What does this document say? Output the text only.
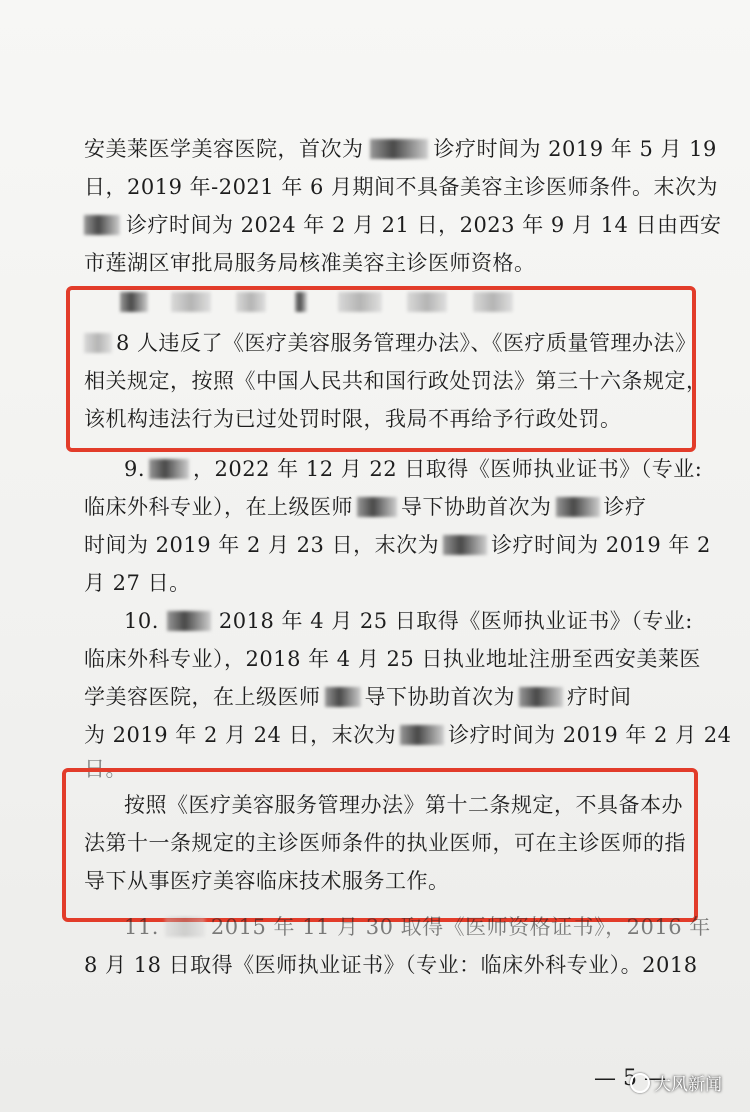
安美莱医学美容医院，首次为	诊疗时间为 2019 年 5 月 19
日，2019 年-2021 年 6 月期间不具备美容主诊医师条件。末次为
诊疗时间为 2024 年 2 月 21 日，2023 年 9 月 14 日由西安
市莲湖区审批局服务局核准美容主诊医师资格。

8 人违反了《医疗美容服务管理办法》、《医疗质量管理办法》
相关规定，按照《中国人民共和国行政处罚法》第三十六条规定，
该机构违法行为已过处罚时限，我局不再给予行政处罚。
9. ，2022 年 12 月 22 日取得《医师执业证书》（专业:
临床外科专业），在上级医师 导下协助首次为 诊疗
时间为 2019 年 2 月 23 日，末次为 诊疗时间为 2019 年 2
月 27 日。
10.	2018 年 4 月 25 日取得《医师执业证书》（专业:
临床外科专业），2018 年 4 月 25 日执业地址注册至西安美莱医
学美容医院，在上级医师 导下协助首次为 疗时间
为 2019 年 2 月 24 日，末次为 诊疗时间为 2019 年 2 月 24
日。
按照《医疗美容服务管理办法》第十二条规定，不具备本办
法第十一条规定的主诊医师条件的执业医师，可在主诊医师的指
导下从事医疗美容临床技术服务工作。
11. 2015 年 11 月 30 取得《医师资格证书》，2016 年
8 月 18 日取得《医师执业证书》（专业：临床外科专业）。2018
— 5 —
大风新闻
